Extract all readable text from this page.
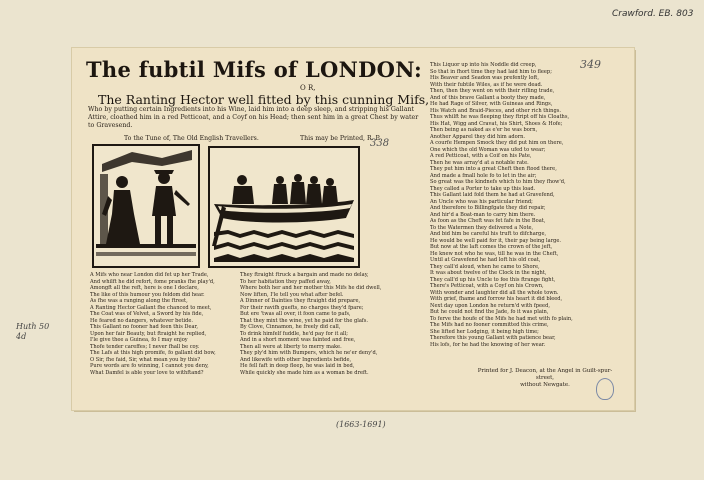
Crawford. EB. 803
Huth 50 4d
(1663-1691)
The fubtil Mifs of LONDON:
O R,
The Ranting Hector well fitted by this cunning Mifs,
Who by putting certain Ingredients into his Wine, laid him into a deep sleep, and stripping his Gallant Attire, cloathed him in a red Petticoat, and a Coyf on his Head; then sent him in a great Chest by water to Gravesend.
To the Tune of, The Old English Travellers.	This may be Printed, R. P.
338
349
A Mifs who near London did fet up her Trade,
And whilft he did refort, fome pranks fhe play'd,
Amongft all the reft, here is one I declare,
The like of this humour you feldom did hear.
As fhe was a ranging along the ftreet,
A Ranting Hector Gallant fhe chanced to meet,
The Coat was of Velvet, a Sword by his fide,
He feared no dangers, whatever betide.
This Gallant no fooner had feen this Dear,
Upon her fair Beauty, but ftraight he replied,
I'le give thee a Guinea, fo I may enjoy
Thofe tender careffes; I never fhall be coy.
The Lafs at this high promife, fo gallant did bow,
O Sir, fhe faid, Sir, what mean you by this?
Pure words are fo winning, I cannot you deny,
What Damfel is able your love to withftand?
They ftraight ftruck a bargain and made no delay,
To her habitation they paffed away,
Where both her and her mother this Mifs he did dwell,
Now liften, I'le tell you what after befel.
A Dinner of Dainties they ftraight did prepare,
For their ravifh guefts, no charges they'd fpare;
But ere 'twas all over, it foon came to pafs,
That they mixt the wine, yet he paid for the glafs.
By Clove, Cinnamon, he freely did call,
To drink himfelf fuddle, he'd pay for it all;
And in a short moment was fainted and free,
Then all were at liberty to merry make.
They ply'd him with Bumpers, which he ne'er deny'd,
And likewife with other Ingredients befide,
He fell faft in deep fleep, he was laid in bed,
While quickly she made him as a woman be dreft.
This Liquor up into his Noddle did creep,
So that in fhort time they had laid him to fleep;
His Beaver and Seadon was prefently loft,
With their fubtile Wiles, as if he were dead.
Then, then they went on with their rifling trade,
And of this brave Gallant a booty they made,
He had Rage of Silver, with Guineas and Rings,
His Watch and Braid-Pieces, and other rich things.
Thus whilft he was fleeping they ftript off his Cloaths,
His Hat, Wigg and Cravat, his Shirt, Shoes & Hofe;
Then being as naked as e'er he was born,
Another Apparel they did him adorn.
A courfe Hempen Smock they did put him on there,
One which the old Woman was ufed to wear;
A red Petticoat, with a Coif on his Pate,
Then he was array'd at a notable rate.
They put him into a great Cheft then ftood there,
And made a fmall hole fo to let in the air;
So great was the kindnefs which to him they fhow'd,
They called a Porter to take up this load.
This Gallant laid fold them he had at Gravefend,
An Uncle who was his particular friend;
And therefore to Billingfgate they did repair,
And hir'd a Boat-man to carry him there.
As foon as the Cheft was fet fafe in the Boat,
To the Watermen they delivered a Note,
And bid him be careful his truft to difcharge,
He would be well paid for it, their pay being large.
But now at the laft comes the crown of the jeft,
He knew not who he was, till he was in the Cheft,
Until at Gravefend he had loft his old coat,
They call'd aloud, when he came to Shore,
It was about twelve of the Clock in the night,
They call'd up his Uncle to fee this ftrange fight,
There's Petticoat, with a Coyf on his Crown,
With wonder and laughter did all the whole town.
With grief, fhame and forrow his heart it did bleed,
Next day upon London he return'd with fpeed,
But he could not find the Jade, fo it was plain,
To ferve the houfe of the Mifs he had met with fo plain,
The Mifs had no fooner committed this crime,
She lifted her Lodging, it being high time;
Therefore this young Gallant with patience bear,
His lofs, for he had the knowing of her wear.
Printed for J. Deacon, at the Angel in Guilt-spur-street,
without Newgate.
